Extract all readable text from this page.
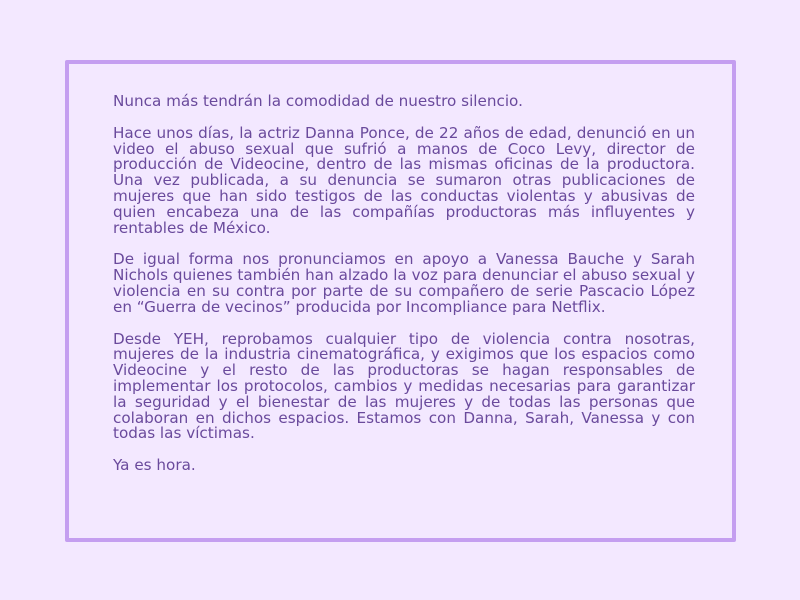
Nunca más tendrán la comodidad de nuestro silencio.

Hace unos días, la actriz Danna Ponce, de 22 años de edad, denunció en un video el abuso sexual que sufrió a manos de Coco Levy, director de producción de Videocine, dentro de las mismas oficinas de la productora. Una vez publicada, a su denuncia se sumaron otras publicaciones de mujeres que han sido testigos de las conductas violentas y abusivas de quien encabeza una de las compañías productoras más influyentes y rentables de México.

De igual forma nos pronunciamos en apoyo a Vanessa Bauche y Sarah Nichols quienes también han alzado la voz para denunciar el abuso sexual y violencia en su contra por parte de su compañero de serie Pascacio López en “Guerra de vecinos” producida por Incompliance para Netflix.

Desde YEH, reprobamos cualquier tipo de violencia contra nosotras, mujeres de la industria cinematográfica, y exigimos que los espacios como Videocine y el resto de las productoras se hagan responsables de implementar los protocolos, cambios y medidas necesarias para garantizar la seguridad y el bienestar de las mujeres y de todas las personas que colaboran en dichos espacios. Estamos con Danna, Sarah, Vanessa y con todas las víctimas.

Ya es hora.
